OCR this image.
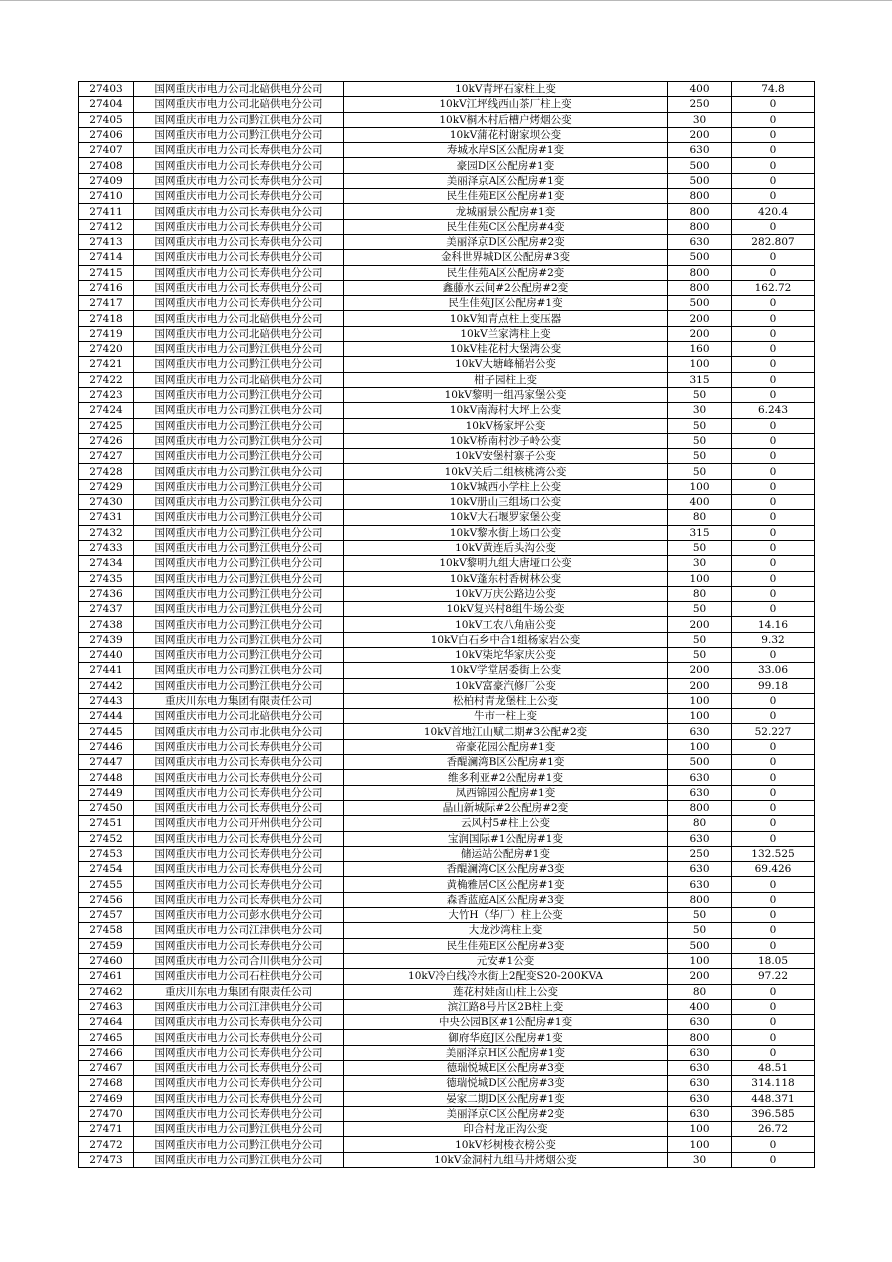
27403	国网重庆市电力公司北碚供电分公司	10kV青坪石家柱上变	400	74.8
27404	国网重庆市电力公司北碚供电分公司	10kV江坪线西山茶厂柱上变	250	0
27405	国网重庆市电力公司黔江供电分公司	10kV桐木村后槽户烤烟公变	30	0
27406	国网重庆市电力公司黔江供电分公司	10kV蒲花村谢家坝公变	200	0
27407	国网重庆市电力公司长寿供电分公司	寿城水岸S区公配房#1变	630	0
27408	国网重庆市电力公司长寿供电分公司	豪园D区公配房#1变	500	0
27409	国网重庆市电力公司长寿供电分公司	美丽泽京A区公配房#1变	500	0
27410	国网重庆市电力公司长寿供电分公司	民生佳苑E区公配房#1变	800	0
27411	国网重庆市电力公司长寿供电分公司	龙城丽景公配房#1变	800	420.4
27412	国网重庆市电力公司长寿供电分公司	民生佳苑C区公配房#4变	800	0
27413	国网重庆市电力公司长寿供电分公司	美丽泽京D区公配房#2变	630	282.807
27414	国网重庆市电力公司长寿供电分公司	金科世界城D区公配房#3变	500	0
27415	国网重庆市电力公司长寿供电分公司	民生佳苑A区公配房#2变	800	0
27416	国网重庆市电力公司长寿供电分公司	鑫藤水云间#2公配房#2变	800	162.72
27417	国网重庆市电力公司长寿供电分公司	民生佳苑J区公配房#1变	500	0
27418	国网重庆市电力公司北碚供电分公司	10kV知青点柱上变压器	200	0
27419	国网重庆市电力公司北碚供电分公司	10kV兰家湾柱上变	200	0
27420	国网重庆市电力公司黔江供电分公司	10kV桂花村大堡湾公变	160	0
27421	国网重庆市电力公司黔江供电分公司	10kV大塘峰桶岩公变	100	0
27422	国网重庆市电力公司北碚供电分公司	柑子园柱上变	315	0
27423	国网重庆市电力公司黔江供电分公司	10kV黎明一组冯家堡公变	50	0
27424	国网重庆市电力公司黔江供电分公司	10kV南海村大坪上公变	30	6.243
27425	国网重庆市电力公司黔江供电分公司	10kV杨家坪公变	50	0
27426	国网重庆市电力公司黔江供电分公司	10kV桥南村沙子岭公变	50	0
27427	国网重庆市电力公司黔江供电分公司	10kV安堡村寨子公变	50	0
27428	国网重庆市电力公司黔江供电分公司	10kV关后二组核桃湾公变	50	0
27429	国网重庆市电力公司黔江供电分公司	10kV城西小学柱上公变	100	0
27430	国网重庆市电力公司黔江供电分公司	10kV册山三组场口公变	400	0
27431	国网重庆市电力公司黔江供电分公司	10kV大石堰罗家堡公变	80	0
27432	国网重庆市电力公司黔江供电分公司	10kV黎水街上场口公变	315	0
27433	国网重庆市电力公司黔江供电分公司	10kV黄连后头沟公变	50	0
27434	国网重庆市电力公司黔江供电分公司	10kV黎明九组大唐垭口公变	30	0
27435	国网重庆市电力公司黔江供电分公司	10kV蓬东村香树林公变	100	0
27436	国网重庆市电力公司黔江供电分公司	10kV万庆公路边公变	80	0
27437	国网重庆市电力公司黔江供电分公司	10kV复兴村8组牛场公变	50	0
27438	国网重庆市电力公司黔江供电分公司	10kV工农八角庙公变	200	14.16
27439	国网重庆市电力公司黔江供电分公司	10kV白石乡中合1组杨家岩公变	50	9.32
27440	国网重庆市电力公司黔江供电分公司	10kV柒坨华家庆公变	50	0
27441	国网重庆市电力公司黔江供电分公司	10kV学堂居委街上公变	200	33.06
27442	国网重庆市电力公司黔江供电分公司	10kV富豪汽修厂公变	200	99.18
27443	重庆川东电力集团有限责任公司	松柏村青龙堡柱上公变	100	0
27444	国网重庆市电力公司北碚供电分公司	牛市一柱上变	100	0
27445	国网重庆市电力公司市北供电分公司	10kV首地江山赋二期#3公配#2变	630	52.227
27446	国网重庆市电力公司长寿供电分公司	帝豪花园公配房#1变	100	0
27447	国网重庆市电力公司长寿供电分公司	香醍澜湾B区公配房#1变	500	0
27448	国网重庆市电力公司长寿供电分公司	维多利亚#2公配房#1变	630	0
27449	国网重庆市电力公司长寿供电分公司	凤西锦园公配房#1变	630	0
27450	国网重庆市电力公司长寿供电分公司	晶山新城际#2公配房#2变	800	0
27451	国网重庆市电力公司开州供电分公司	云风村5#柱上公变	80	0
27452	国网重庆市电力公司长寿供电分公司	宝润国际#1公配房#1变	630	0
27453	国网重庆市电力公司长寿供电分公司	储运站公配房#1变	250	132.525
27454	国网重庆市电力公司长寿供电分公司	香醍澜湾C区公配房#3变	630	69.426
27455	国网重庆市电力公司长寿供电分公司	黄桷雅居C区公配房#1变	630	0
27456	国网重庆市电力公司长寿供电分公司	森香蓝庭A区公配房#3变	800	0
27457	国网重庆市电力公司彭水供电分公司	大竹H（华厂）柱上公变	50	0
27458	国网重庆市电力公司江津供电分公司	大龙沙湾柱上变	50	0
27459	国网重庆市电力公司长寿供电分公司	民生佳苑E区公配房#3变	500	0
27460	国网重庆市电力公司合川供电分公司	元安#1公变	100	18.05
27461	国网重庆市电力公司石柱供电分公司	10kV冷白线冷水街上2配变S20-200KVA	200	97.22
27462	重庆川东电力集团有限责任公司	莲花村娃卤山柱上公变	80	0
27463	国网重庆市电力公司江津供电分公司	滨江路8号片区2B柱上变	400	0
27464	国网重庆市电力公司长寿供电分公司	中央公园B区#1公配房#1变	630	0
27465	国网重庆市电力公司长寿供电分公司	御府华庭J区公配房#1变	800	0
27466	国网重庆市电力公司长寿供电分公司	美丽泽京H区公配房#1变	630	0
27467	国网重庆市电力公司长寿供电分公司	德瑞悦城E区公配房#3变	630	48.51
27468	国网重庆市电力公司长寿供电分公司	德瑞悦城D区公配房#3变	630	314.118
27469	国网重庆市电力公司长寿供电分公司	晏家二期D区公配房#1变	630	448.371
27470	国网重庆市电力公司长寿供电分公司	美丽泽京C区公配房#2变	630	396.585
27471	国网重庆市电力公司黔江供电分公司	印合村龙正沟公变	100	26.72
27472	国网重庆市电力公司黔江供电分公司	10kV杉树梭衣榜公变	100	0
27473	国网重庆市电力公司黔江供电分公司	10kV金洞村九组马井烤烟公变	30	0
